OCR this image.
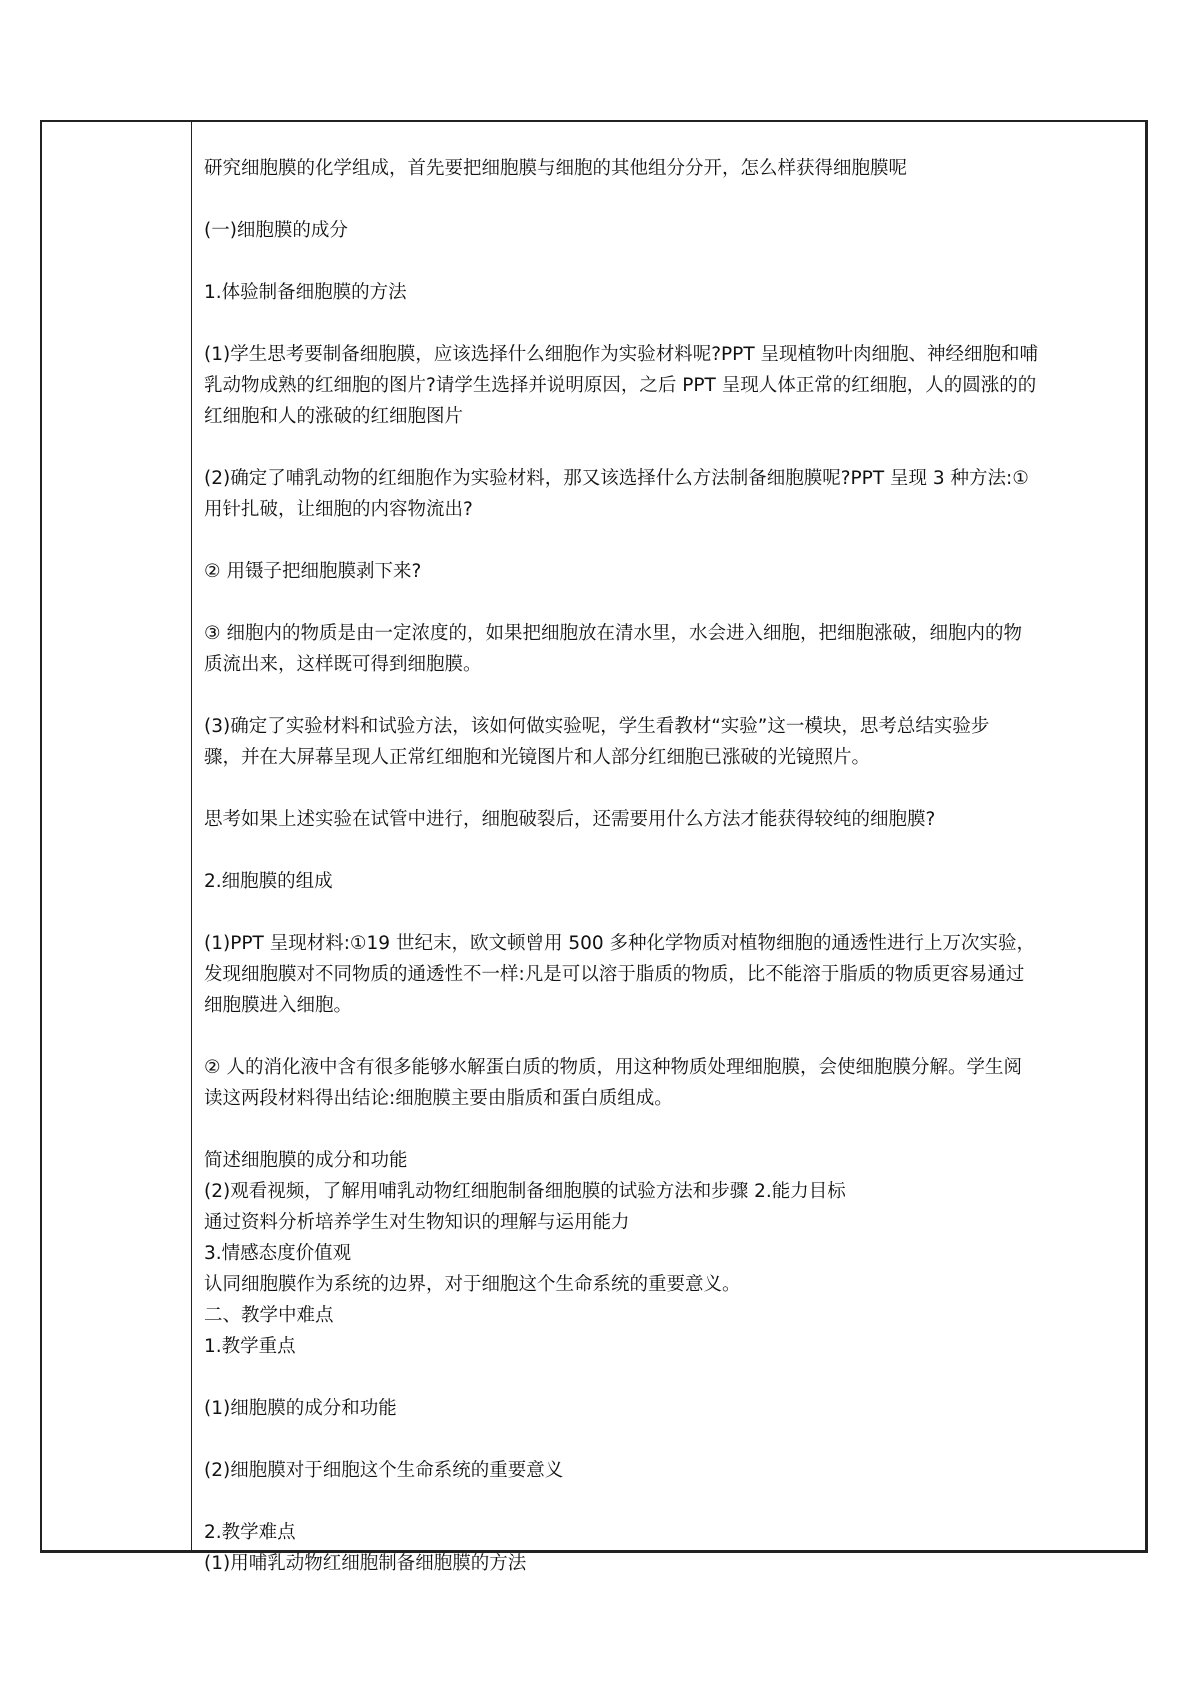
研究细胞膜的化学组成，首先要把细胞膜与细胞的其他组分分开，怎么样获得细胞膜呢

(一)细胞膜的成分

1.体验制备细胞膜的方法

(1)学生思考要制备细胞膜，应该选择什么细胞作为实验材料呢?PPT 呈现植物叶肉细胞、神经细胞和哺

乳动物成熟的红细胞的图片?请学生选择并说明原因，之后 PPT 呈现人体正常的红细胞，人的圆涨的的

红细胞和人的涨破的红细胞图片

(2)确定了哺乳动物的红细胞作为实验材料，那又该选择什么方法制备细胞膜呢?PPT 呈现 3 种方法:①

用针扎破，让细胞的内容物流出?

② 用镊子把细胞膜剥下来?

③ 细胞内的物质是由一定浓度的，如果把细胞放在清水里，水会进入细胞，把细胞涨破，细胞内的物

质流出来，这样既可得到细胞膜。

(3)确定了实验材料和试验方法，该如何做实验呢，学生看教材“实验”这一模块，思考总结实验步

骤，并在大屏幕呈现人正常红细胞和光镜图片和人部分红细胞已涨破的光镜照片。

思考如果上述实验在试管中进行，细胞破裂后，还需要用什么方法才能获得较纯的细胞膜?

2.细胞膜的组成

(1)PPT 呈现材料:①19 世纪末，欧文顿曾用 500 多种化学物质对植物细胞的通透性进行上万次实验，

发现细胞膜对不同物质的通透性不一样:凡是可以溶于脂质的物质，比不能溶于脂质的物质更容易通过

细胞膜进入细胞。

② 人的消化液中含有很多能够水解蛋白质的物质，用这种物质处理细胞膜，会使细胞膜分解。学生阅

读这两段材料得出结论:细胞膜主要由脂质和蛋白质组成。

简述细胞膜的成分和功能

(2)观看视频，了解用哺乳动物红细胞制备细胞膜的试验方法和步骤 2.能力目标

通过资料分析培养学生对生物知识的理解与运用能力

3.情感态度价值观

认同细胞膜作为系统的边界，对于细胞这个生命系统的重要意义。

二、教学中难点

1.教学重点

(1)细胞膜的成分和功能

(2)细胞膜对于细胞这个生命系统的重要意义

2.教学难点

(1)用哺乳动物红细胞制备细胞膜的方法
